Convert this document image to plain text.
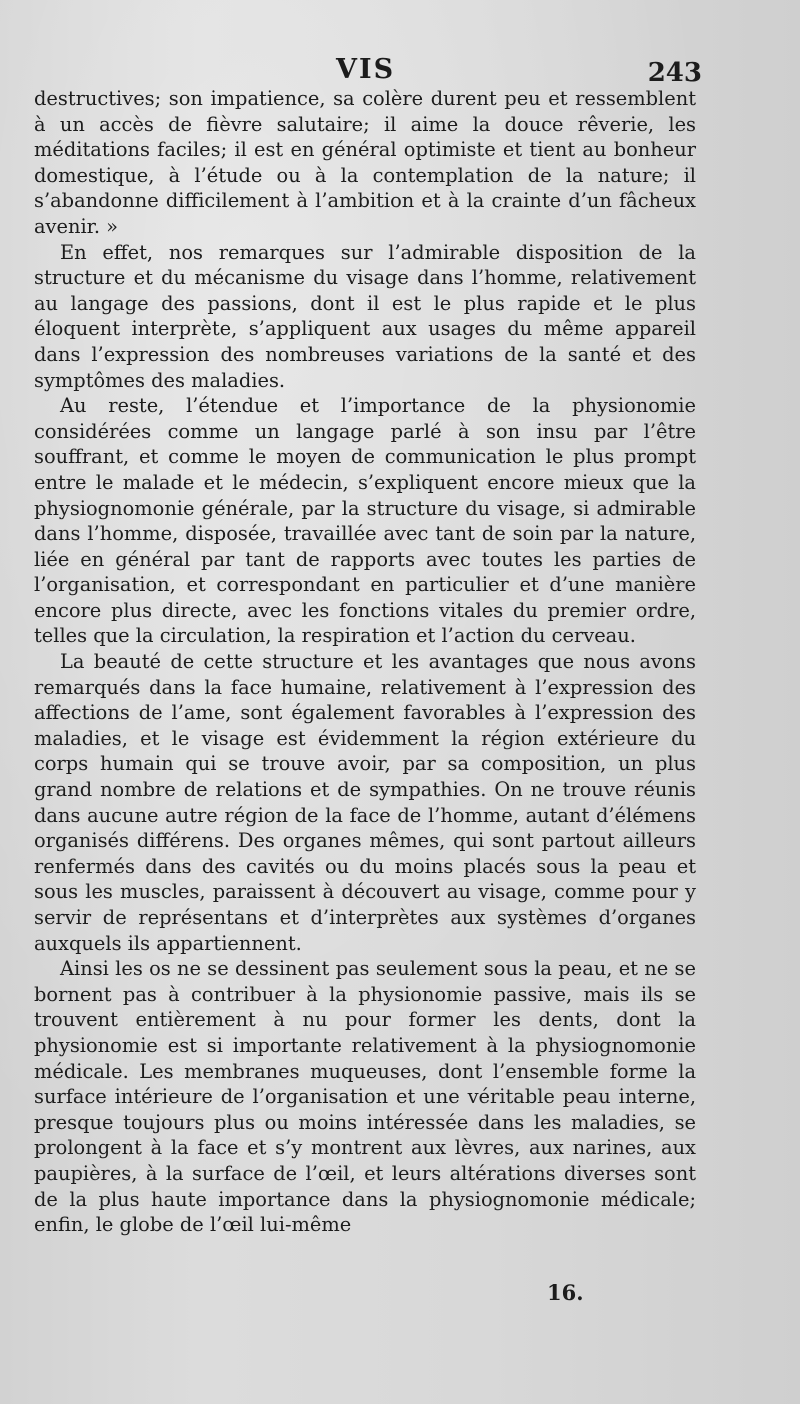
VIS	243

destructives; son impatience, sa colère durent peu et ressemblent à un accès de fièvre salutaire; il aime la douce rêverie, les méditations faciles; il est en général optimiste et tient au bonheur domestique, à l’étude ou à la contemplation de la nature; il s’abandonne difficilement à l’ambition et à la crainte d’un fâcheux avenir. »

En effet, nos remarques sur l’admirable disposition de la structure et du mécanisme du visage dans l’homme, relativement au langage des passions, dont il est le plus rapide et le plus éloquent interprète, s’appliquent aux usages du même appareil dans l’expression des nombreuses variations de la santé et des symptômes des maladies.

Au reste, l’étendue et l’importance de la physionomie considérées comme un langage parlé à son insu par l’être souffrant, et comme le moyen de communication le plus prompt entre le malade et le médecin, s’expliquent encore mieux que la physiognomonie générale, par la structure du visage, si admirable dans l’homme, disposée, travaillée avec tant de soin par la nature, liée en général par tant de rapports avec toutes les parties de l’organisation, et correspondant en particulier et d’une manière encore plus directe, avec les fonctions vitales du premier ordre, telles que la circulation, la respiration et l’action du cerveau.

La beauté de cette structure et les avantages que nous avons remarqués dans la face humaine, relativement à l’expression des affections de l’ame, sont également favorables à l’expression des maladies, et le visage est évidemment la région extérieure du corps humain qui se trouve avoir, par sa composition, un plus grand nombre de relations et de sympathies. On ne trouve réunis dans aucune autre région de la face de l’homme, autant d’élémens organisés différens. Des organes mêmes, qui sont partout ailleurs renfermés dans des cavités ou du moins placés sous la peau et sous les muscles, paraissent à découvert au visage, comme pour y servir de représentans et d’interprètes aux systèmes d’organes auxquels ils appartiennent.

Ainsi les os ne se dessinent pas seulement sous la peau, et ne se bornent pas à contribuer à la physionomie passive, mais ils se trouvent entièrement à nu pour former les dents, dont la physionomie est si importante relativement à la physiognomonie médicale. Les membranes muqueuses, dont l’ensemble forme la surface intérieure de l’organisation et une véritable peau interne, presque toujours plus ou moins intéressée dans les maladies, se prolongent à la face et s’y montrent aux lèvres, aux narines, aux paupières, à la surface de l’œil, et leurs altérations diverses sont de la plus haute importance dans la physiognomonie médicale; enfin, le globe de l’œil lui-même

16.
